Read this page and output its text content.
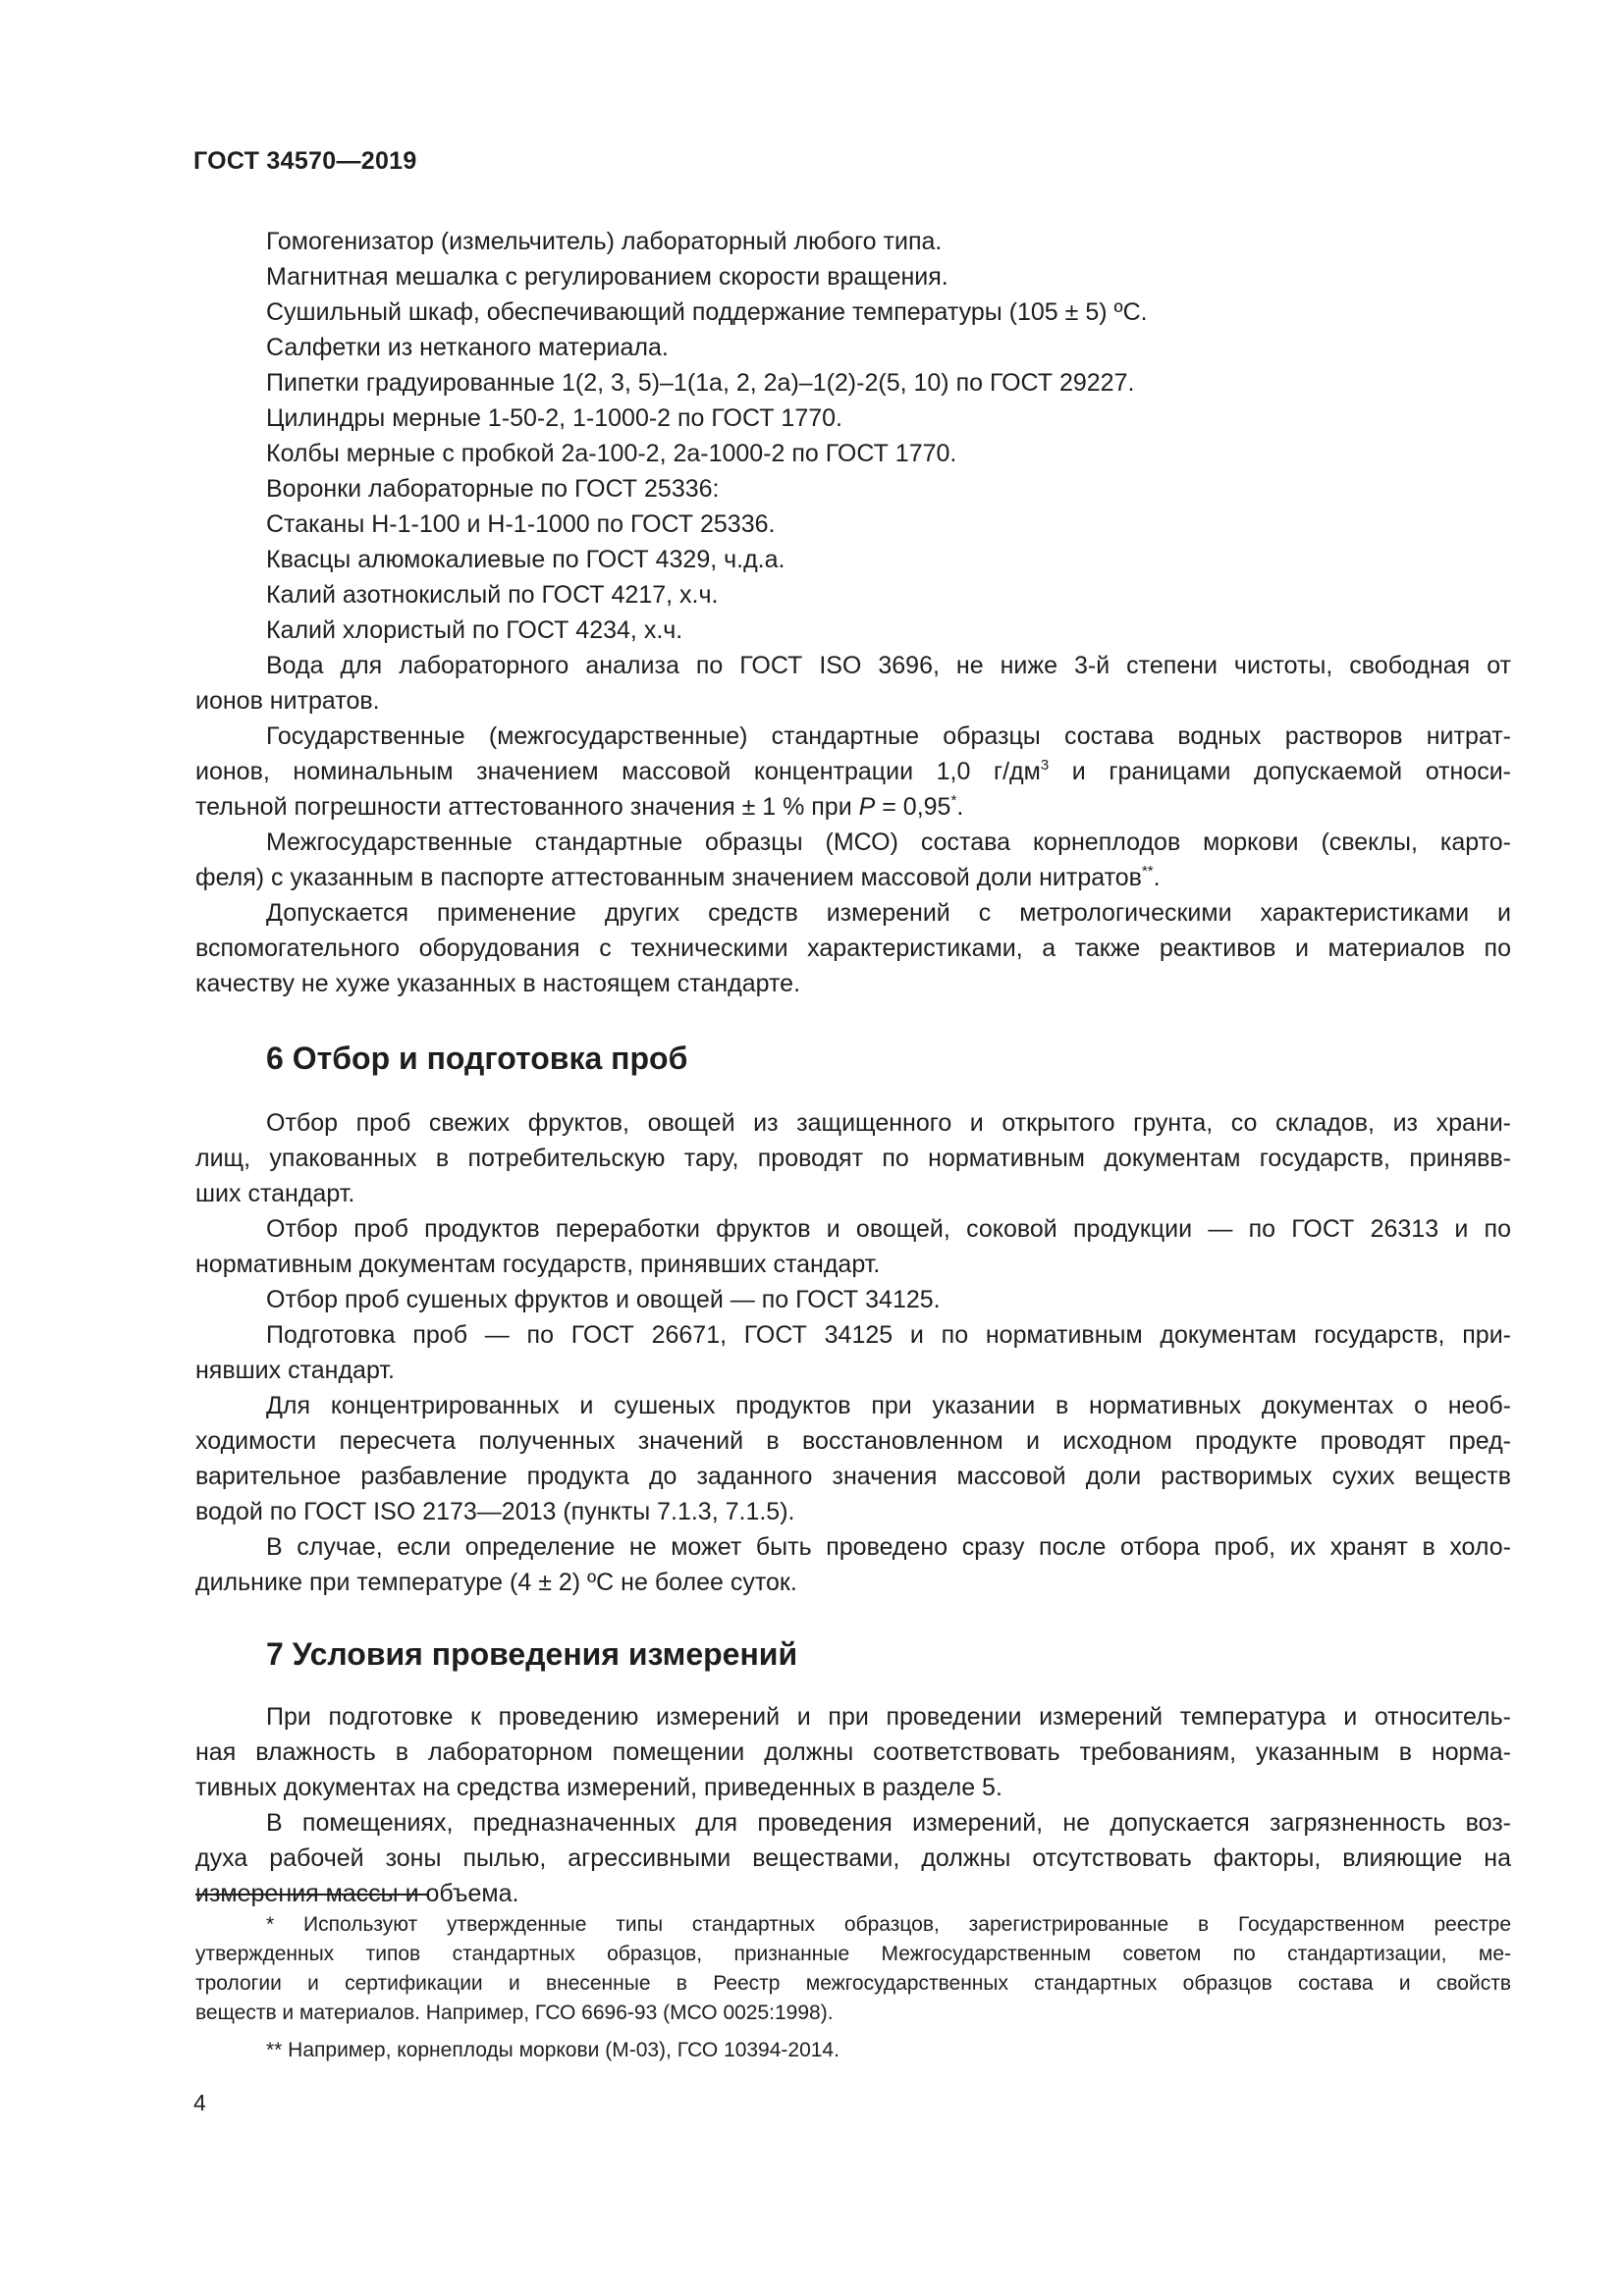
ГОСТ 34570—2019

Гомогенизатор (измельчитель) лабораторный любого типа.

Магнитная мешалка с регулированием скорости вращения.

Сушильный шкаф, обеспечивающий поддержание температуры (105 ± 5) ºС.

Салфетки из нетканого материала.

Пипетки градуированные 1(2, 3, 5)–1(1а, 2, 2а)–1(2)-2(5, 10) по ГОСТ 29227.

Цилиндры мерные 1-50-2, 1-1000-2 по ГОСТ 1770.

Колбы мерные с пробкой 2а-100-2, 2а-1000-2 по ГОСТ 1770.

Воронки лабораторные по ГОСТ 25336:

Стаканы Н-1-100 и Н-1-1000 по ГОСТ 25336.

Квасцы алюмокалиевые по ГОСТ 4329, ч.д.а.

Калий азотнокислый по ГОСТ 4217, х.ч.

Калий хлористый по ГОСТ 4234, х.ч.

Вода для лабораторного анализа по ГОСТ ISO 3696, не ниже 3-й степени чистоты, свободная от

ионов нитратов.

Государственные (межгосударственные) стандартные образцы состава водных растворов нитрат-

ионов, номинальным значением массовой концентрации 1,0 $г/дм^3$ и границами допускаемой относи-

тельной погрешности аттестованного значения ± 1 % при Р = 0,95*.

Межгосударственные стандартные образцы (МСО) состава корнеплодов моркови (свеклы, карто-

феля) с указанным в паспорте аттестованным значением массовой доли нитратов**.

Допускается применение других средств измерений с метрологическими характеристиками и

вспомогательного оборудования с техническими характеристиками, а также реактивов и материалов по

качеству не хуже указанных в настоящем стандарте.

6 Отбор и подготовка проб

Отбор проб свежих фруктов, овощей из защищенного и открытого грунта, со складов, из храни-

лищ, упакованных в потребительскую тару, проводят по нормативным документам государств, принявв-

ших стандарт.

Отбор проб продуктов переработки фруктов и овощей, соковой продукции — по ГОСТ 26313 и по

нормативным документам государств, принявших стандарт.

Отбор проб сушеных фруктов и овощей — по ГОСТ 34125.

Подготовка проб — по ГОСТ 26671, ГОСТ 34125 и по нормативным документам государств, при-

нявших стандарт.

Для концентрированных и сушеных продуктов при указании в нормативных документах о необ-

ходимости пересчета полученных значений в восстановленном и исходном продукте проводят пред-

варительное разбавление продукта до заданного значения массовой доли растворимых сухих веществ

водой по ГОСТ ISO 2173—2013 (пункты 7.1.3, 7.1.5).

В случае, если определение не может быть проведено сразу после отбора проб, их хранят в холо-

дильнике при температуре (4 ± 2) ºС не более суток.

7 Условия проведения измерений

При подготовке к проведению измерений и при проведении измерений температура и относитель-

ная влажность в лабораторном помещении должны соответствовать требованиям, указанным в норма-

тивных документах на средства измерений, приведенных в разделе 5.

В помещениях, предназначенных для проведения измерений, не допускается загрязненность воз-

духа рабочей зоны пылью, агрессивными веществами, должны отсутствовать факторы, влияющие на

измерения массы и объема.

* Используют утвержденные типы стандартных образцов, зарегистрированные в Государственном реестре

утвержденных типов стандартных образцов, признанные Межгосударственным советом по стандартизации, ме-

трологии и сертификации и внесенные в Реестр межгосударственных стандартных образцов состава и свойств

веществ и материалов. Например, ГСО 6696-93 (МСО 0025:1998).

** Например, корнеплоды моркови (М-03), ГСО 10394-2014.

4
